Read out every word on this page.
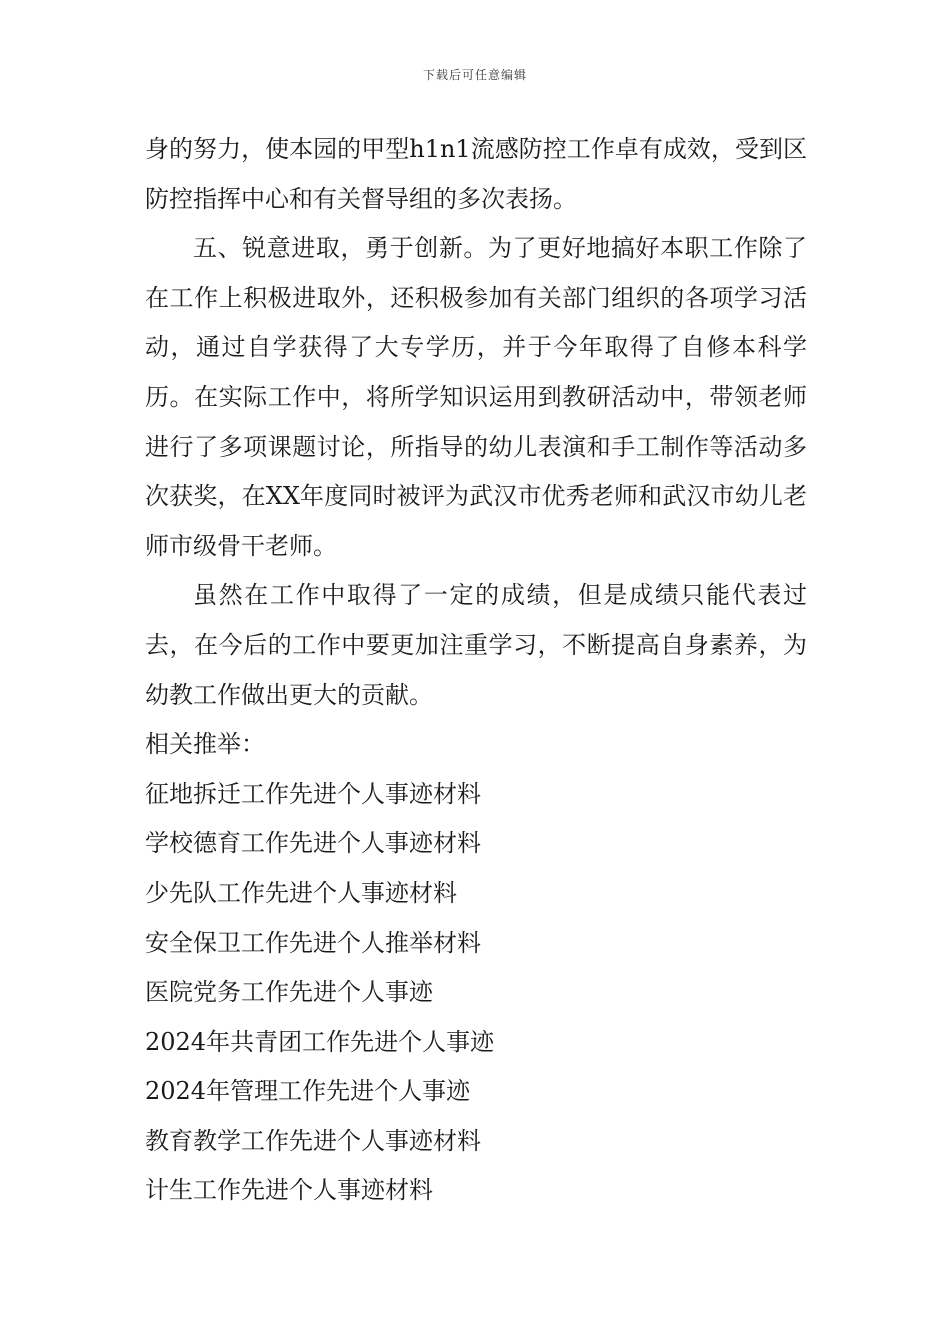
下载后可任意编辑

身的努力，使本园的甲型h1n1流感防控工作卓有成效，受到区防控指挥中心和有关督导组的多次表扬。

五、锐意进取，勇于创新。为了更好地搞好本职工作除了在工作上积极进取外，还积极参加有关部门组织的各项学习活动，通过自学获得了大专学历，并于今年取得了自修本科学历。在实际工作中，将所学知识运用到教研活动中，带领老师进行了多项课题讨论，所指导的幼儿表演和手工制作等活动多次获奖，在XX年度同时被评为武汉市优秀老师和武汉市幼儿老师市级骨干老师。

虽然在工作中取得了一定的成绩，但是成绩只能代表过去，在今后的工作中要更加注重学习，不断提高自身素养，为幼教工作做出更大的贡献。

相关推举：

征地拆迁工作先进个人事迹材料

学校德育工作先进个人事迹材料

少先队工作先进个人事迹材料

安全保卫工作先进个人推举材料

医院党务工作先进个人事迹

2024年共青团工作先进个人事迹

2024年管理工作先进个人事迹

教育教学工作先进个人事迹材料

计生工作先进个人事迹材料
